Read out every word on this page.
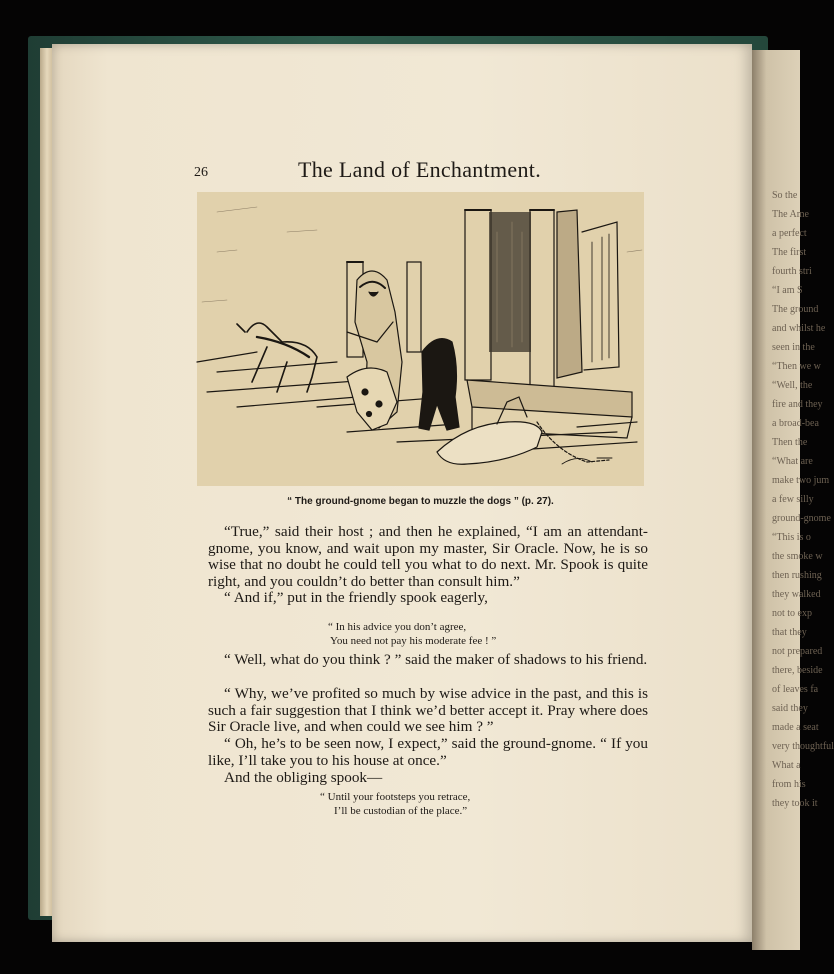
So the
The Ame
a perfect
The first
fourth stri
“I am S
The ground
and whilst he
seen in the
“Then we w
“Well, the
fire and they
a broad-bea
Then the
“What are
make two jum
a few silly
ground-gnome
“This is o
the smoke w
then rushing
they walked
not to exp
that they
not prepared
there, beside
of leaves fa
said they
made a seat
very thoughtful
What a
from his
they took it
26	The Land of Enchantment.
“ The ground-gnome began to muzzle the dogs ” (p. 27).

“True,” said their host ; and then he explained, “I am an attendant-gnome, you know, and wait upon my master, Sir Oracle. Now, he is so wise that no doubt he could tell you what to do next. Mr. Spook is quite right, and you couldn’t do better than consult him.”

“ And if,” put in the friendly spook eagerly,

“ In his advice you don’t agree,
You need not pay his moderate fee ! ”

“ Well, what do you think ? ” said the maker of shadows to his friend.

“ Why, we’ve profited so much by wise advice in the past, and this is such a fair suggestion that I think we’d better accept it. Pray where does Sir Oracle live, and when could we see him ? ”

“ Oh, he’s to be seen now, I expect,” said the ground-gnome. “ If you like, I’ll take you to his house at once.”

And the obliging spook—

“ Until your footsteps you retrace,
I’ll be custodian of the place.”
